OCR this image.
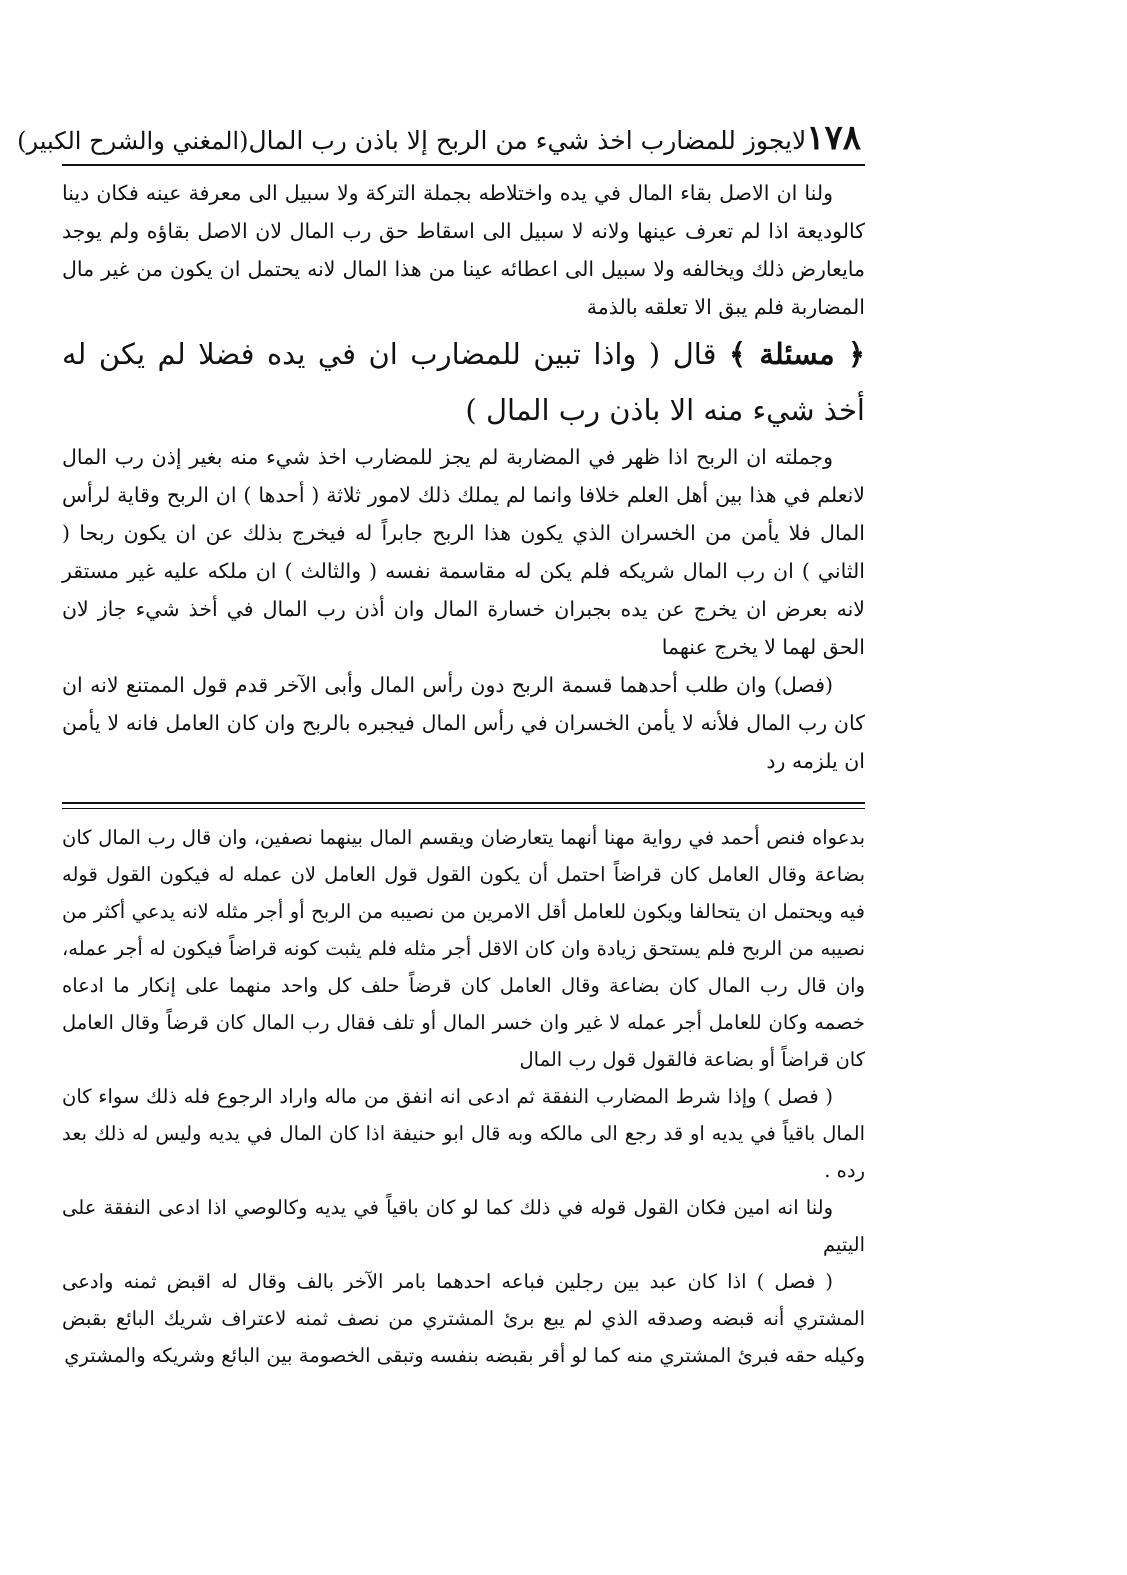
١٧٨
لايجوز للمضارب اخذ شيء من الربح إلا باذن رب المال
(المغني والشرح الكبير)

ولنا ان الاصل بقاء المال في يده واختلاطه بجملة التركة ولا سبيل الى معرفة عينه فكان دينا كالوديعة اذا لم تعرف عينها ولانه لا سبيل الى اسقاط حق رب المال لان الاصل بقاؤه ولم يوجد مايعارض ذلك ويخالفه ولا سبيل الى اعطائه عينا من هذا المال لانه يحتمل ان يكون من غير مال المضاربة فلم يبق الا تعلقه بالذمة

﴿ مسئلة ﴾ قال ( واذا تبين للمضارب ان في يده فضلا لم يكن له أخذ شيء منه الا باذن رب المال )

وجملته ان الربح اذا ظهر في المضاربة لم يجز للمضارب اخذ شيء منه بغير إذن رب المال لانعلم في هذا بين أهل العلم خلافا وانما لم يملك ذلك لامور ثلاثة ( أحدها ) ان الربح وقاية لرأس المال فلا يأمن من الخسران الذي يكون هذا الربح جابراً له فيخرج بذلك عن ان يكون ربحا ( الثاني ) ان رب المال شريكه فلم يكن له مقاسمة نفسه ( والثالث ) ان ملكه عليه غير مستقر لانه بعرض ان يخرج عن يده بجبران خسارة المال وان أذن رب المال في أخذ شيء جاز لان الحق لهما لا يخرج عنهما

(فصل) وان طلب أحدهما قسمة الربح دون رأس المال وأبى الآخر قدم قول الممتنع لانه ان كان رب المال فلأنه لا يأمن الخسران في رأس المال فيجبره بالربح وان كان العامل فانه لا يأمن ان يلزمه رد

بدعواه فنص أحمد في رواية مهنا أنهما يتعارضان ويقسم المال بينهما نصفين، وان قال رب المال كان بضاعة وقال العامل كان قراضاً احتمل أن يكون القول قول العامل لان عمله له فيكون القول قوله فيه ويحتمل ان يتحالفا ويكون للعامل أقل الامرين من نصيبه من الربح أو أجر مثله لانه يدعي أكثر من نصيبه من الربح فلم يستحق زيادة وان كان الاقل أجر مثله فلم يثبت كونه قراضاً فيكون له أجر عمله، وان قال رب المال كان بضاعة وقال العامل كان قرضاً حلف كل واحد منهما على إنكار ما ادعاه خصمه وكان للعامل أجر عمله لا غير وان خسر المال أو تلف فقال رب المال كان قرضاً وقال العامل كان قراضاً أو بضاعة فالقول قول رب المال

( فصل ) وإذا شرط المضارب النفقة ثم ادعى انه انفق من ماله واراد الرجوع فله ذلك سواء كان المال باقياً في يديه او قد رجع الى مالكه وبه قال ابو حنيفة اذا كان المال في يديه وليس له ذلك بعد رده .

ولنا انه امين فكان القول قوله في ذلك كما لو كان باقياً في يديه وكالوصي اذا ادعى النفقة على اليتيم

( فصل ) اذا كان عبد بين رجلين فباعه احدهما بامر الآخر بالف وقال له اقبض ثمنه وادعى المشتري أنه قبضه وصدقه الذي لم يبع برئ المشتري من نصف ثمنه لاعتراف شريك البائع بقبض وكيله حقه فبرئ المشتري منه كما لو أقر بقبضه بنفسه وتبقى الخصومة بين البائع وشريكه والمشتري
